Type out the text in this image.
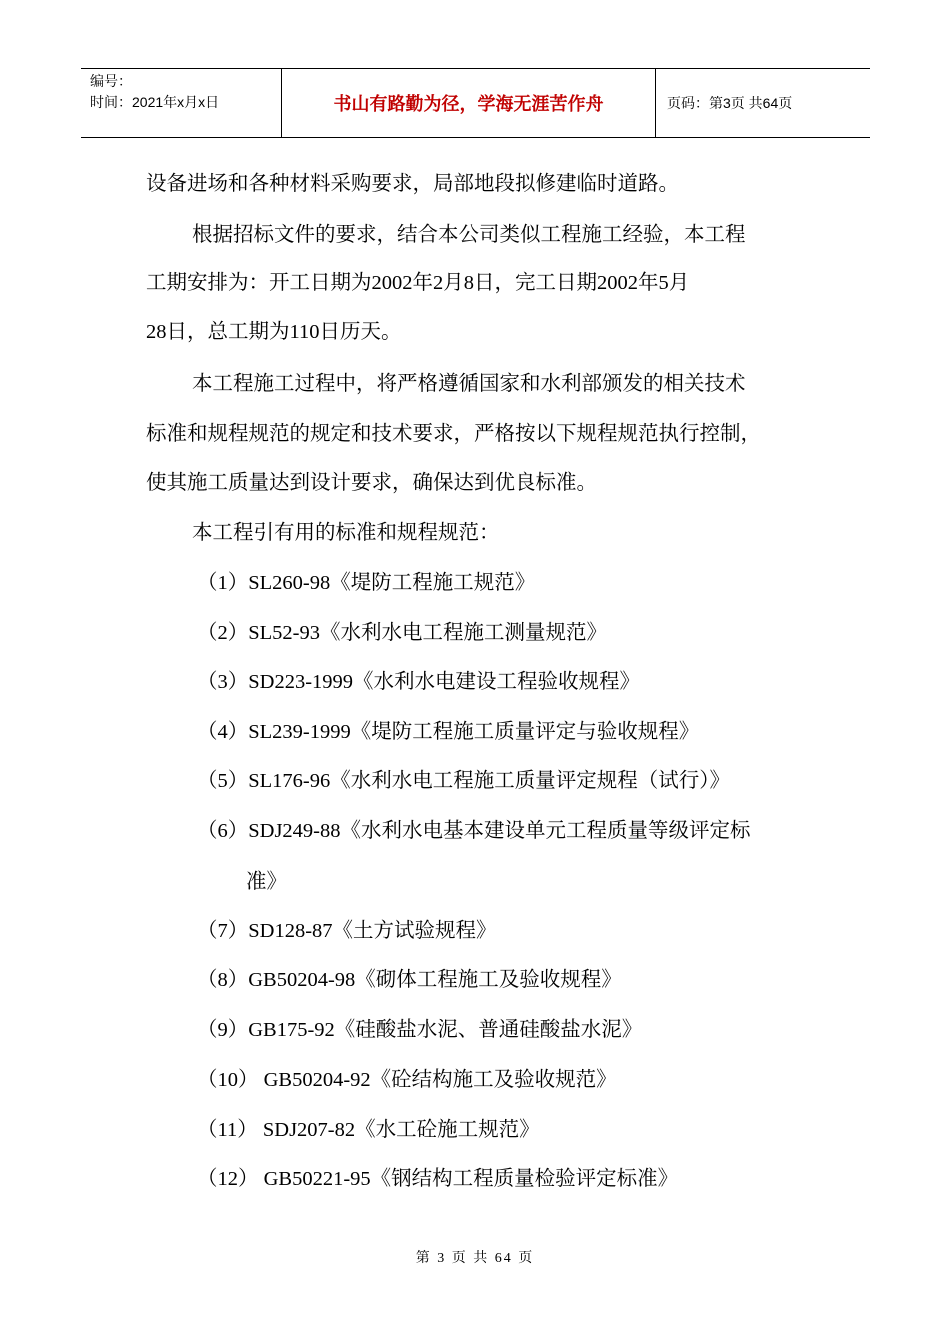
编号：
时间：2021年x月x日	书山有路勤为径，学海无涯苦作舟	页码：第3页 共64页
设备进场和各种材料采购要求，局部地段拟修建临时道路。
根据招标文件的要求，结合本公司类似工程施工经验，本工程
工期安排为：开工日期为2002年2月8日，完工日期2002年5月
28日，总工期为110日历天。
本工程施工过程中，将严格遵循国家和水利部颁发的相关技术
标准和规程规范的规定和技术要求，严格按以下规程规范执行控制，
使其施工质量达到设计要求，确保达到优良标准。
本工程引有用的标准和规程规范：
（1）SL260-98《堤防工程施工规范》
（2）SL52-93《水利水电工程施工测量规范》
（3）SD223-1999《水利水电建设工程验收规程》
（4）SL239-1999《堤防工程施工质量评定与验收规程》
（5）SL176-96《水利水电工程施工质量评定规程（试行）》
（6）SDJ249-88《水利水电基本建设单元工程质量等级评定标
准》
（7）SD128-87《土方试验规程》
（8）GB50204-98《砌体工程施工及验收规程》
（9）GB175-92《硅酸盐水泥、普通硅酸盐水泥》
（10） GB50204-92《砼结构施工及验收规范》
（11） SDJ207-82《水工砼施工规范》
（12） GB50221-95《钢结构工程质量检验评定标准》
第 3 页 共 64 页
